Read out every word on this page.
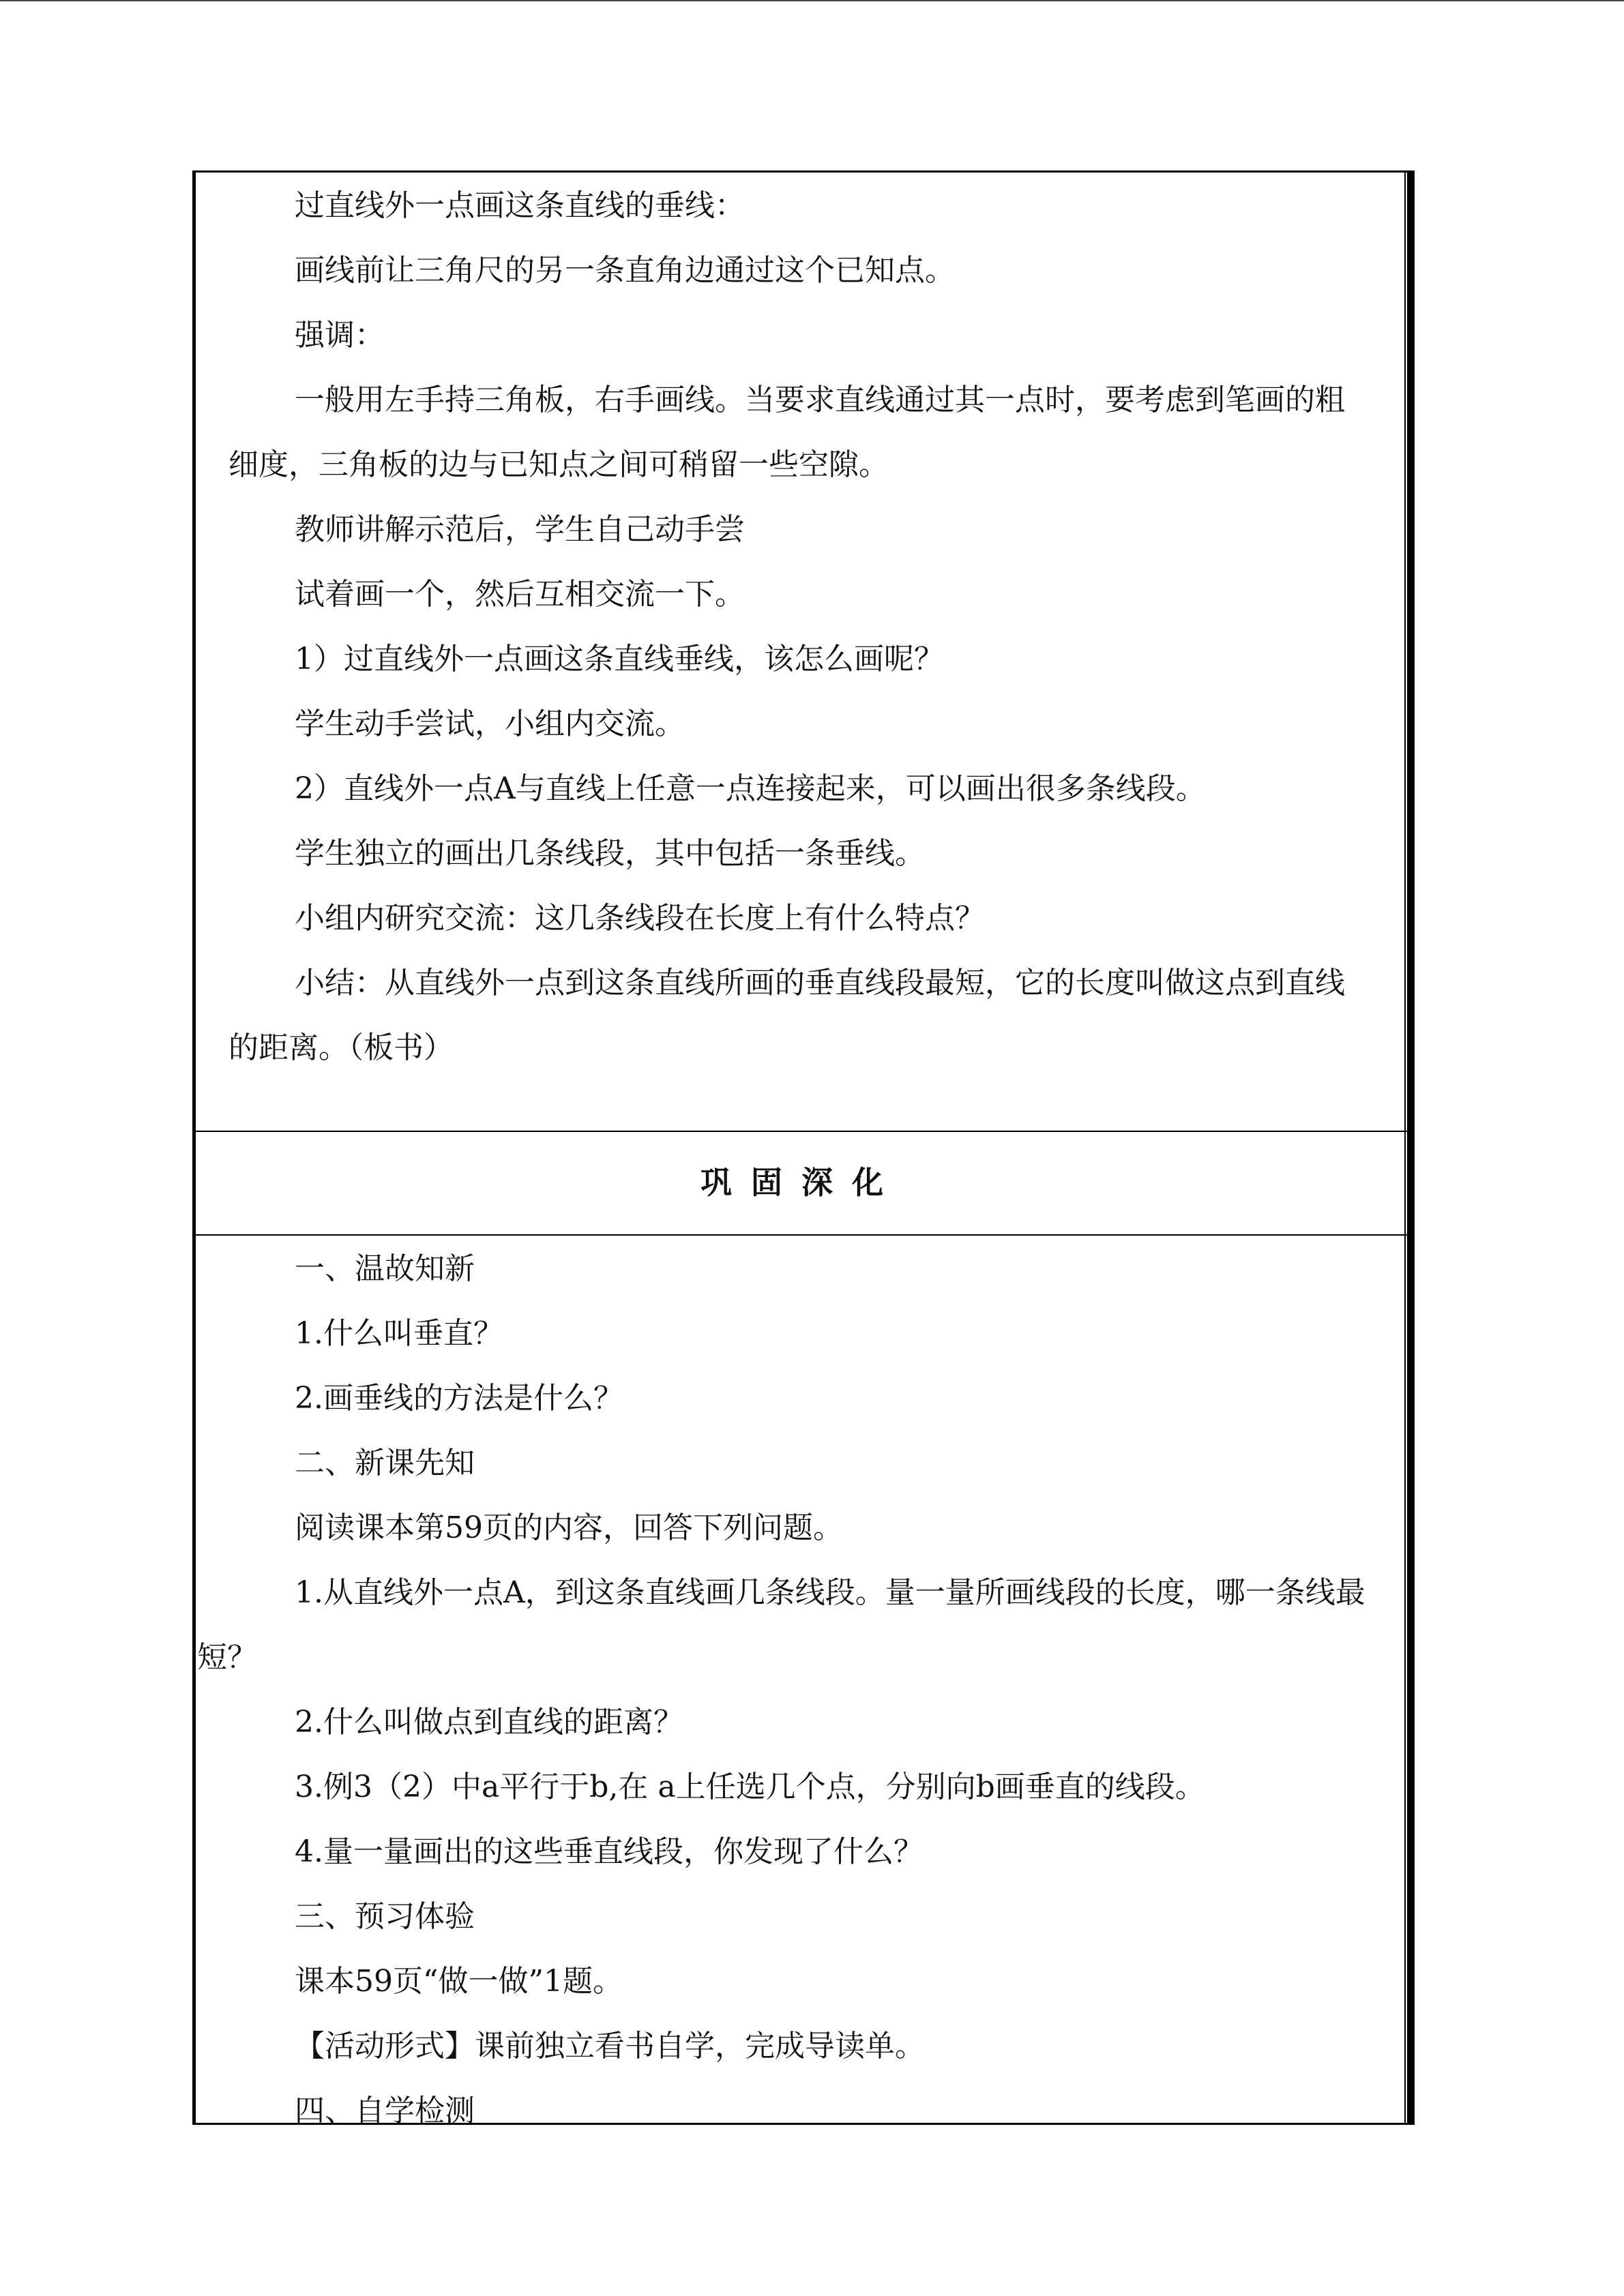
过直线外一点画这条直线的垂线：

画线前让三角尺的另一条直角边通过这个已知点。

强调：

一般用左手持三角板，右手画线。当要求直线通过其一点时，要考虑到笔画的粗细度，三角板的边与已知点之间可稍留一些空隙。

教师讲解示范后，学生自己动手尝

试着画一个，然后互相交流一下。

1）过直线外一点画这条直线垂线，该怎么画呢？

学生动手尝试，小组内交流。

2）直线外一点A与直线上任意一点连接起来，可以画出很多条线段。

学生独立的画出几条线段，其中包括一条垂线。

小组内研究交流：这几条线段在长度上有什么特点？

小结：从直线外一点到这条直线所画的垂直线段最短，它的长度叫做这点到直线的距离。（板书）

巩固深化

一、温故知新

1.什么叫垂直？

2.画垂线的方法是什么？

二、新课先知

阅读课本第59页的内容，回答下列问题。

1.从直线外一点A，到这条直线画几条线段。量一量所画线段的长度，哪一条线最短？

2.什么叫做点到直线的距离？

3.例3（2）中a平行于b,在 a上任选几个点，分别向b画垂直的线段。

4.量一量画出的这些垂直线段，你发现了什么？

三、预习体验

课本59页“做一做”1题。

【活动形式】课前独立看书自学，完成导读单。

四、自学检测
